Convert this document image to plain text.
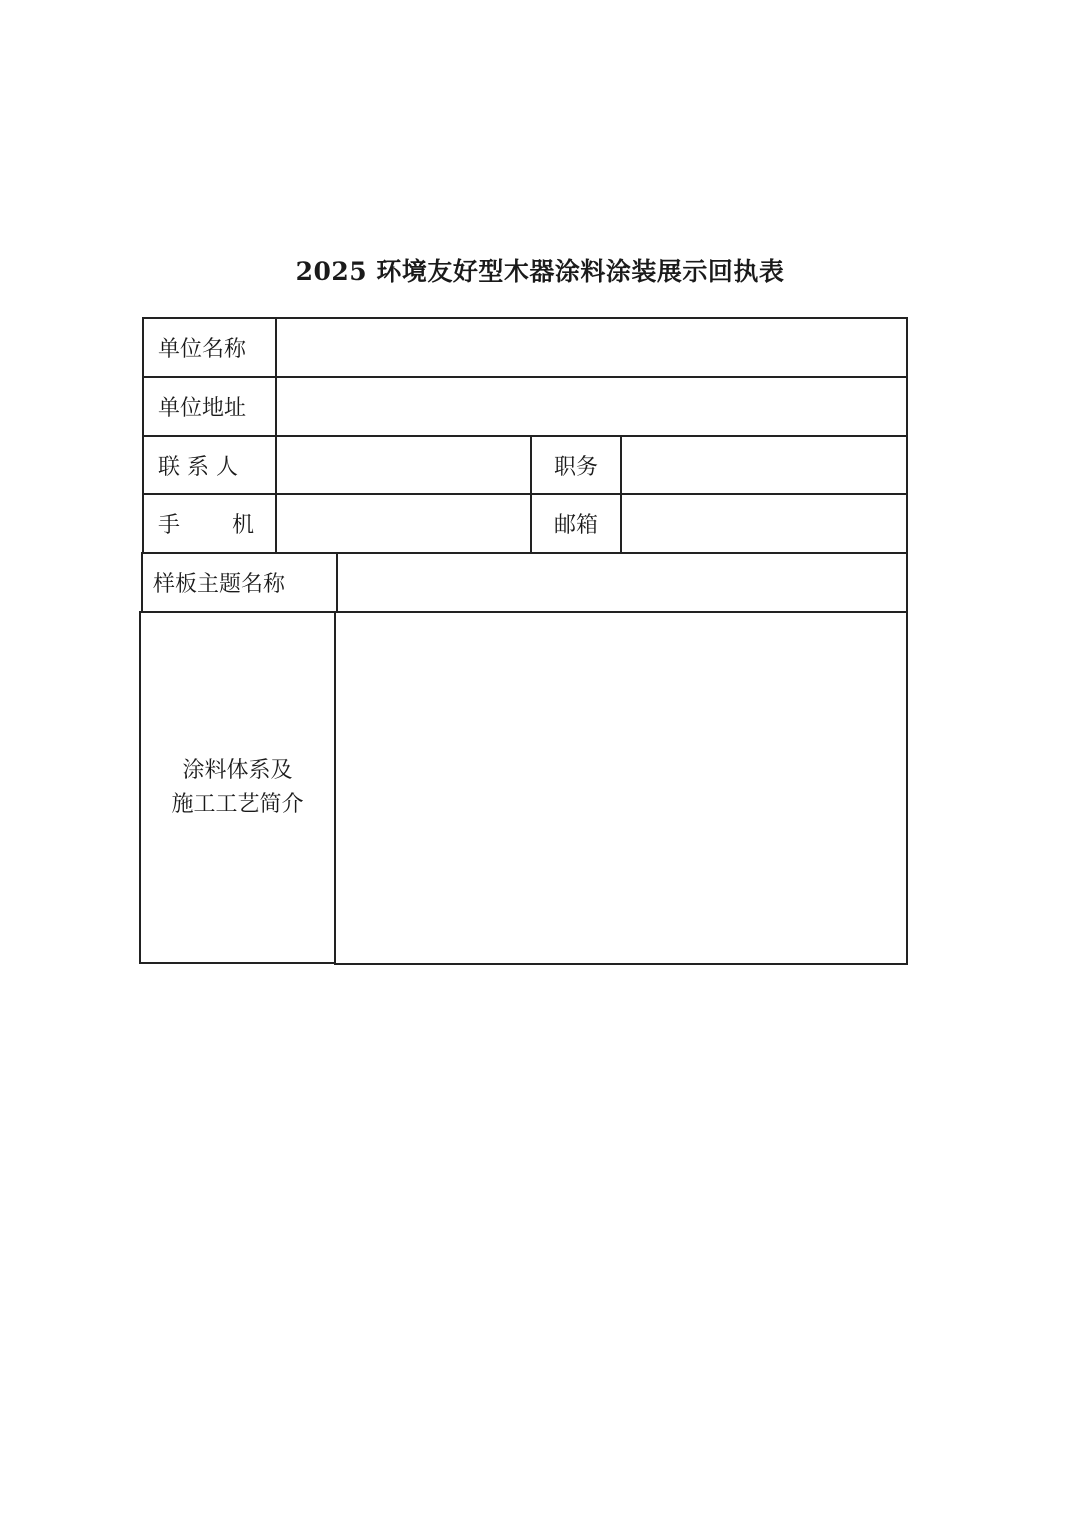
2025 环境友好型木器涂料涂装展示回执表
单位名称
单位地址
联 系 人	职务
手 机	邮箱
样板主题名称
涂料体系及
施工工艺简介
